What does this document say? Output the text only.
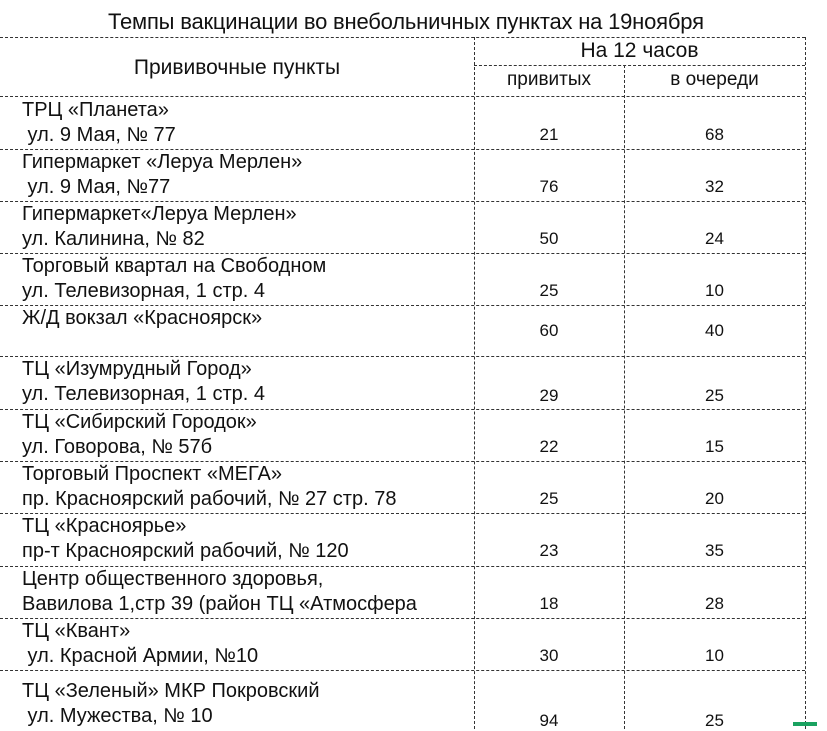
Темпы вакцинации во внебольничных пунктах на 19ноября
Прививочные пункты
На 12 часов
привитых	в очереди
ТРЦ «Планета»
ул. 9 Мая, № 77	21	68
Гипермаркет «Леруа Мерлен»
ул. 9 Мая, №77	76	32
Гипермаркет«Леруа Мерлен»
ул. Калинина, № 82	50	24
Торговый квартал на Свободном
ул. Телевизорная, 1 стр. 4	25	10
Ж/Д вокзал «Красноярск»

60	40
ТЦ «Изумрудный Город»
ул. Телевизорная, 1 стр. 4	29	25
ТЦ «Сибирский Городок»
ул. Говорова, № 57б	22	15
Торговый Проспект «МЕГА»
пр. Красноярский рабочий, № 27 стр. 78	25	20
ТЦ «Красноярье»
пр-т Красноярский рабочий, № 120	23	35
Центр общественного здоровья,
Вавилова 1,стр 39 (район ТЦ «Атмосфера	18	28
ТЦ «Квант»
ул. Красной Армии, №10	30	10
ТЦ «Зеленый» МКР Покровский
ул. Мужества, № 10	94	25
